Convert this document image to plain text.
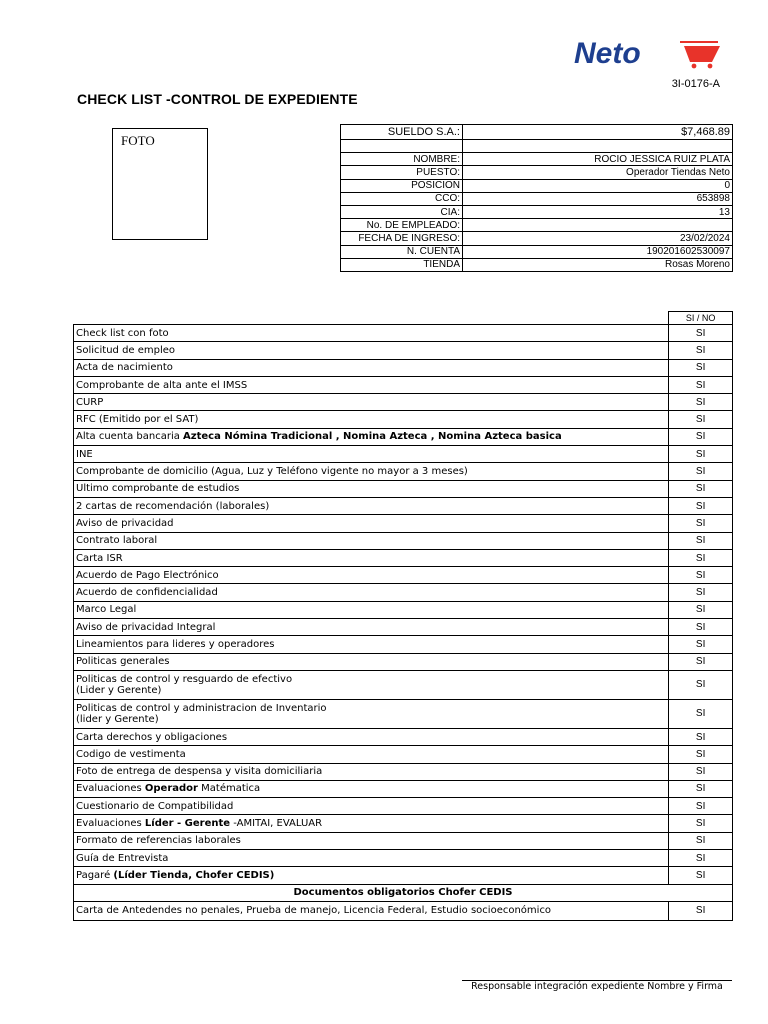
Neto
3I-0176-A
CHECK LIST -CONTROL DE EXPEDIENTE
FOTO
SUELDO S.A.:	$7,468.89

NOMBRE:	ROCIO JESSICA RUIZ PLATA
PUESTO:	Operador Tiendas Neto
POSICION	0
CCO:	653898
CIA:	13
No. DE EMPLEADO:	
FECHA DE INGRESO:	23/02/2024
N. CUENTA	190201602530097
TIENDA	Rosas Moreno
	SI / NO
Check list con foto	SI
Solicitud de empleo	SI
Acta de nacimiento	SI
Comprobante de alta ante el IMSS	SI
CURP	SI
RFC (Emitido por el SAT)	SI
Alta cuenta bancaria Azteca Nómina Tradicional , Nomina Azteca , Nomina Azteca basica	SI
INE	SI
Comprobante de domicilio (Agua, Luz y Teléfono vigente no mayor a 3 meses)	SI
Ultimo comprobante de estudios	SI
2 cartas de recomendación (laborales)	SI
Aviso de privacidad	SI
Contrato laboral	SI
Carta ISR	SI
Acuerdo de Pago Electrónico	SI
Acuerdo de confidencialidad	SI
Marco Legal	SI
Aviso de privacidad Integral	SI
Lineamientos para lideres y operadores	SI
Politicas generales	SI
Politicas de control y resguardo de efectivo
(Lider y Gerente)	SI
Politicas de control y administracion de Inventario
(lider y Gerente)	SI
Carta derechos y obligaciones	SI
Codigo de vestimenta	SI
Foto de entrega de despensa y visita domiciliaria	SI
Evaluaciones Operador Matématica	SI
Cuestionario de Compatibilidad	SI
Evaluaciones Líder - Gerente -AMITAI, EVALUAR	SI
Formato de referencias laborales	SI
Guía de Entrevista	SI
Pagaré (Líder Tienda, Chofer CEDIS)	SI
Documentos obligatorios Chofer CEDIS	
Carta de Antedendes no penales, Prueba de manejo, Licencia Federal, Estudio socioeconómico	SI
Responsable integración expediente Nombre y Firma
